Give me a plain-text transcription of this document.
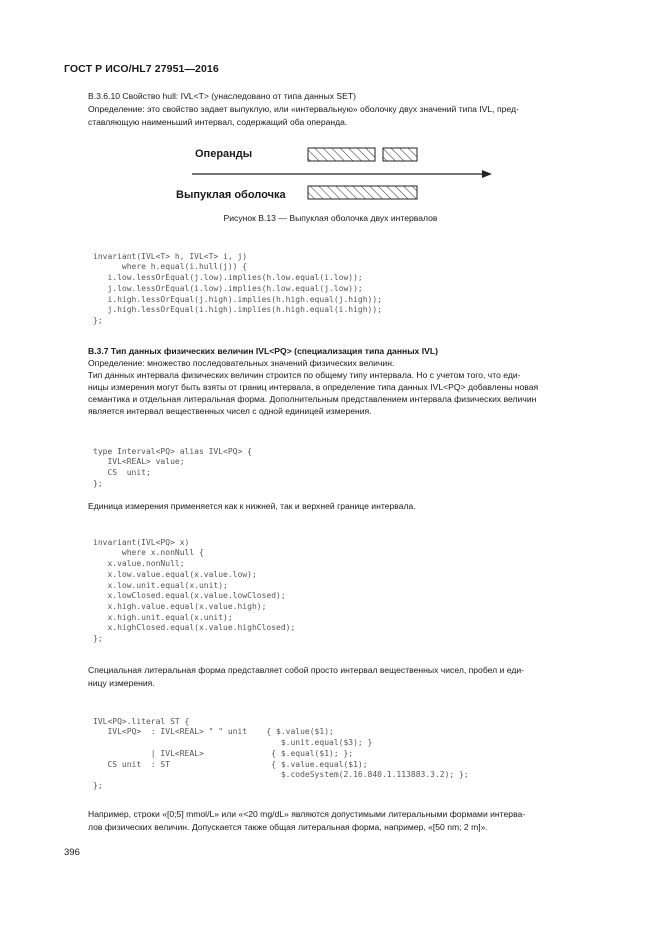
ГОСТ Р ИСО/HL7 27951—2016
B.3.6.10 Свойство hull: IVL<T> (унаследовано от типа данных SET)
Определение: это свойство задает выпуклую, или «интервальную» оболочку двух значений типа IVL, пред-
ставляющую наименьший интервал, содержащий оба операнда.
Операнды
Выпуклая оболочка
Рисунок B.13 — Выпуклая оболочка двух интервалов

invariant(IVL<T> h, IVL<T> i, j)
where h.equal(i.hull(j)) {
i.low.lessOrEqual(j.low).implies(h.low.equal(i.low));
j.low.lessOrEqual(i.low).implies(h.low.equal(j.low));
i.high.lessOrEqual(j.high).implies(h.high.equal(j.high));
j.high.lessOrEqual(i.high).implies(h.high.equal(i.high));
};

B.3.7 Тип данных физических величин IVL<PQ> (специализация типа данных IVL)
Определение: множество последовательных значений физических величин.
Тип данных интервала физических величин строится по общему типу интервала. Но с учетом того, что еди-
ницы измерения могут быть взяты от границ интервала, в определение типа данных IVL<PQ> добавлены новая
семантика и отдельная литеральная форма. Дополнительным представлением интервала физических величин
является интервал вещественных чисел с одной единицей измерения.

type Interval<PQ> alias IVL<PQ> {
IVL<REAL> value;
CS  unit;
};

Единица измерения применяется как к нижней, так и верхней границе интервала.

invariant(IVL<PQ> x)
where x.nonNull {
x.value.nonNull;
x.low.value.equal(x.value.low);
x.low.unit.equal(x.unit);
x.lowClosed.equal(x.value.lowClosed);
x.high.value.equal(x.value.high);
x.high.unit.equal(x.unit);
x.highClosed.equal(x.value.highClosed);
};

Специальная литеральная форма представляет собой просто интервал вещественных чисел, пробел и еди-
ницу измерения.

IVL<PQ>.literal ST {
IVL<PQ>  : IVL<REAL> " " unit    { $.value($1);
$.unit.equal($3); }
| IVL<REAL>              { $.equal($1); };
CS unit  : ST                     { $.value.equal($1);
$.codeSystem(2.16.840.1.113883.3.2); };
};

Например, строки «[0;5] mmol/L» или «<20 mg/dL» являются допустимыми литеральными формами интерва-
лов физических величин. Допускается также общая литеральная форма, например, «[50 nm; 2 m]».
396
